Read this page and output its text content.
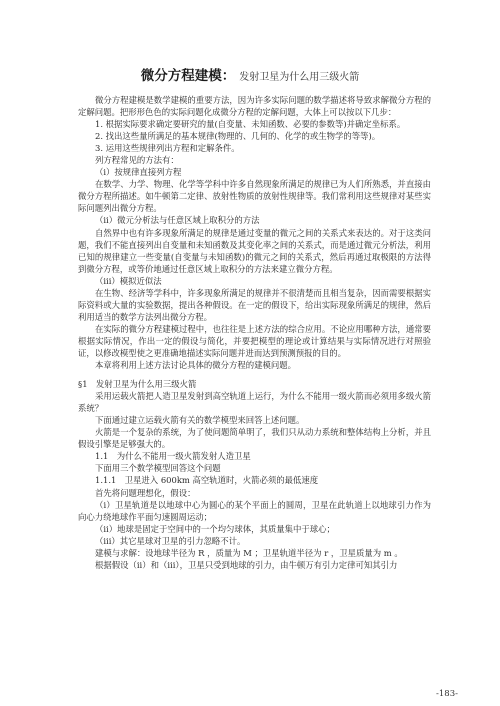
微分方程建模： 发射卫星为什么用三级火箭

微分方程建模是数学建模的重要方法，因为许多实际问题的数学描述将导致求解微分方程的定解问题。把形形色色的实际问题化成微分方程的定解问题，大体上可以按以下几步：

1. 根据实际要求确定要研究的量(自变量、未知函数、必要的参数等)并确定坐标系。

2. 找出这些量所满足的基本规律(物理的、几何的、化学的或生物学的等等)。

3. 运用这些规律列出方程和定解条件。

列方程常见的方法有：

（i）按规律直接列方程

在数学、力学、物理、化学等学科中许多自然现象所满足的规律已为人们所熟悉，并直接由微分方程所描述。如牛顿第二定律、放射性物质的放射性规律等。我们常利用这些规律对某些实际问题列出微分方程。

（ii）微元分析法与任意区域上取积分的方法

自然界中也有许多现象所满足的规律是通过变量的微元之间的关系式来表达的。对于这类问题，我们不能直接列出自变量和未知函数及其变化率之间的关系式，而是通过微元分析法，利用已知的规律建立一些变量(自变量与未知函数)的微元之间的关系式，然后再通过取极限的方法得到微分方程，或等价地通过任意区域上取积分的方法来建立微分方程。

（iii）模拟近似法

在生物、经济等学科中，许多现象所满足的规律并不很清楚而且相当复杂，因而需要根据实际资料或大量的实验数据，提出各种假设。在一定的假设下，给出实际现象所满足的规律，然后利用适当的数学方法列出微分方程。

在实际的微分方程建模过程中，也往往是上述方法的综合应用。不论应用哪种方法，通常要根据实际情况，作出一定的假设与简化，并要把模型的理论或计算结果与实际情况进行对照验证，以修改模型使之更准确地描述实际问题并进而达到预测预报的目的。

本章将利用上述方法讨论具体的微分方程的建模问题。

§1　发射卫星为什么用三级火箭

采用运载火箭把人造卫星发射到高空轨道上运行，为什么不能用一级火箭而必须用多级火箭系统？

下面通过建立运载火箭有关的数学模型来回答上述问题。

火箭是一个复杂的系统，为了使问题简单明了，我们只从动力系统和整体结构上分析，并且假设引擎是足够强大的。

1.1　为什么不能用一级火箭发射人造卫星

下面用三个数学模型回答这个问题

1.1.1　卫星进入 600km 高空轨道时，火箭必须的最低速度

首先将问题理想化，假设：

（i）卫星轨道是以地球中心为圆心的某个平面上的圆周，卫星在此轨道上以地球引力作为向心力绕地球作平面匀速圆周运动；

（ii）地球是固定于空间中的一个均匀球体，其质量集中于球心；

（iii）其它星球对卫星的引力忽略不计。

建模与求解：设地球半径为 R ，质量为 M ；卫星轨道半径为 r ，卫星质量为 m 。

根据假设（ii）和（iii），卫星只受到地球的引力，由牛顿万有引力定律可知其引力

-183-
